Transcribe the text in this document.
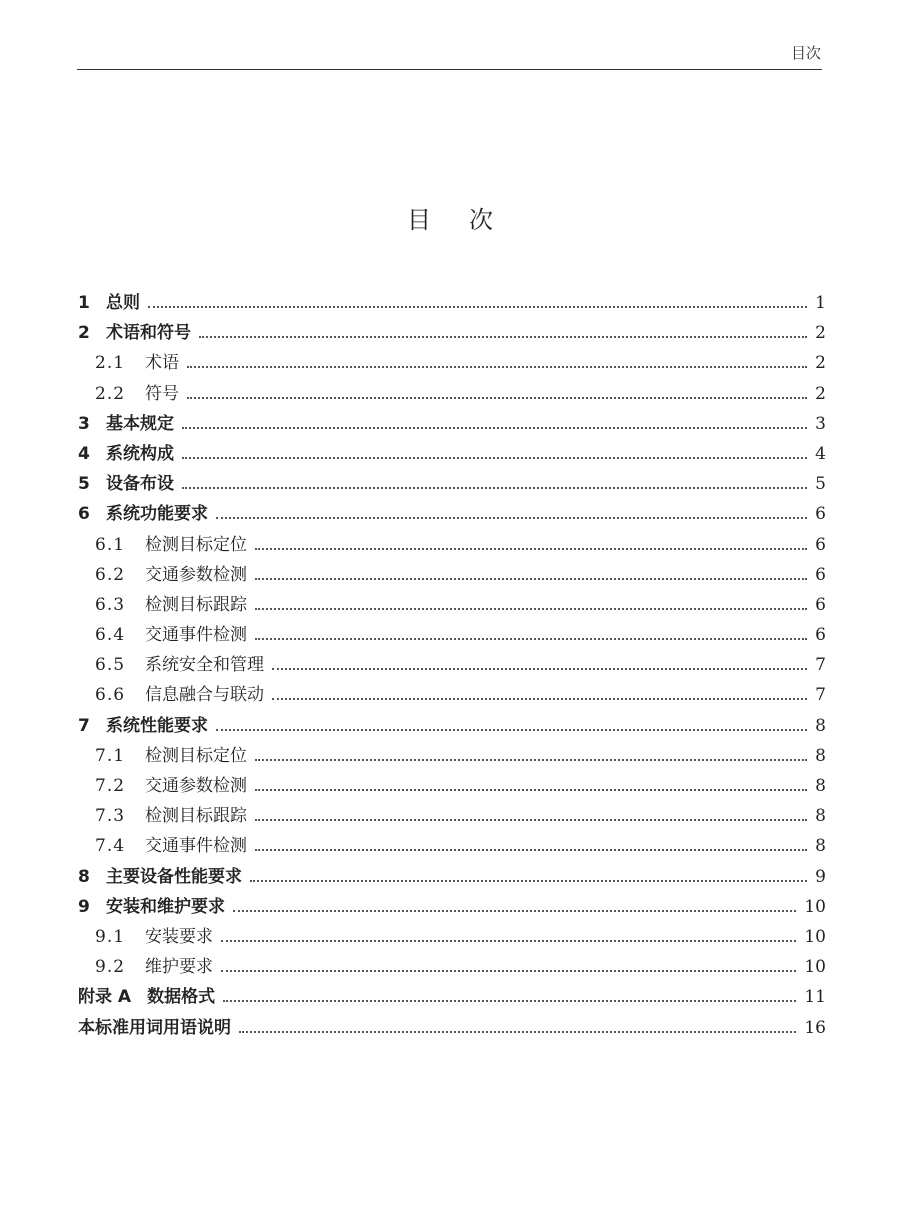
目次
目次
1 总则	1
2 术语和符号	2
2.1	术语	2
2.2	符号	2
3 基本规定	3
4 系统构成	4
5 设备布设	5
6 系统功能要求	6
6.1	检测目标定位	6
6.2	交通参数检测	6
6.3	检测目标跟踪	6
6.4	交通事件检测	6
6.5	系统安全和管理	7
6.6	信息融合与联动	7
7 系统性能要求	8
7.1	检测目标定位	8
7.2	交通参数检测	8
7.3	检测目标跟踪	8
7.4	交通事件检测	8
8 主要设备性能要求	9
9 安装和维护要求	10
9.1	安装要求	10
9.2	维护要求	10
附录 A 数据格式	11
本标准用词用语说明	16
